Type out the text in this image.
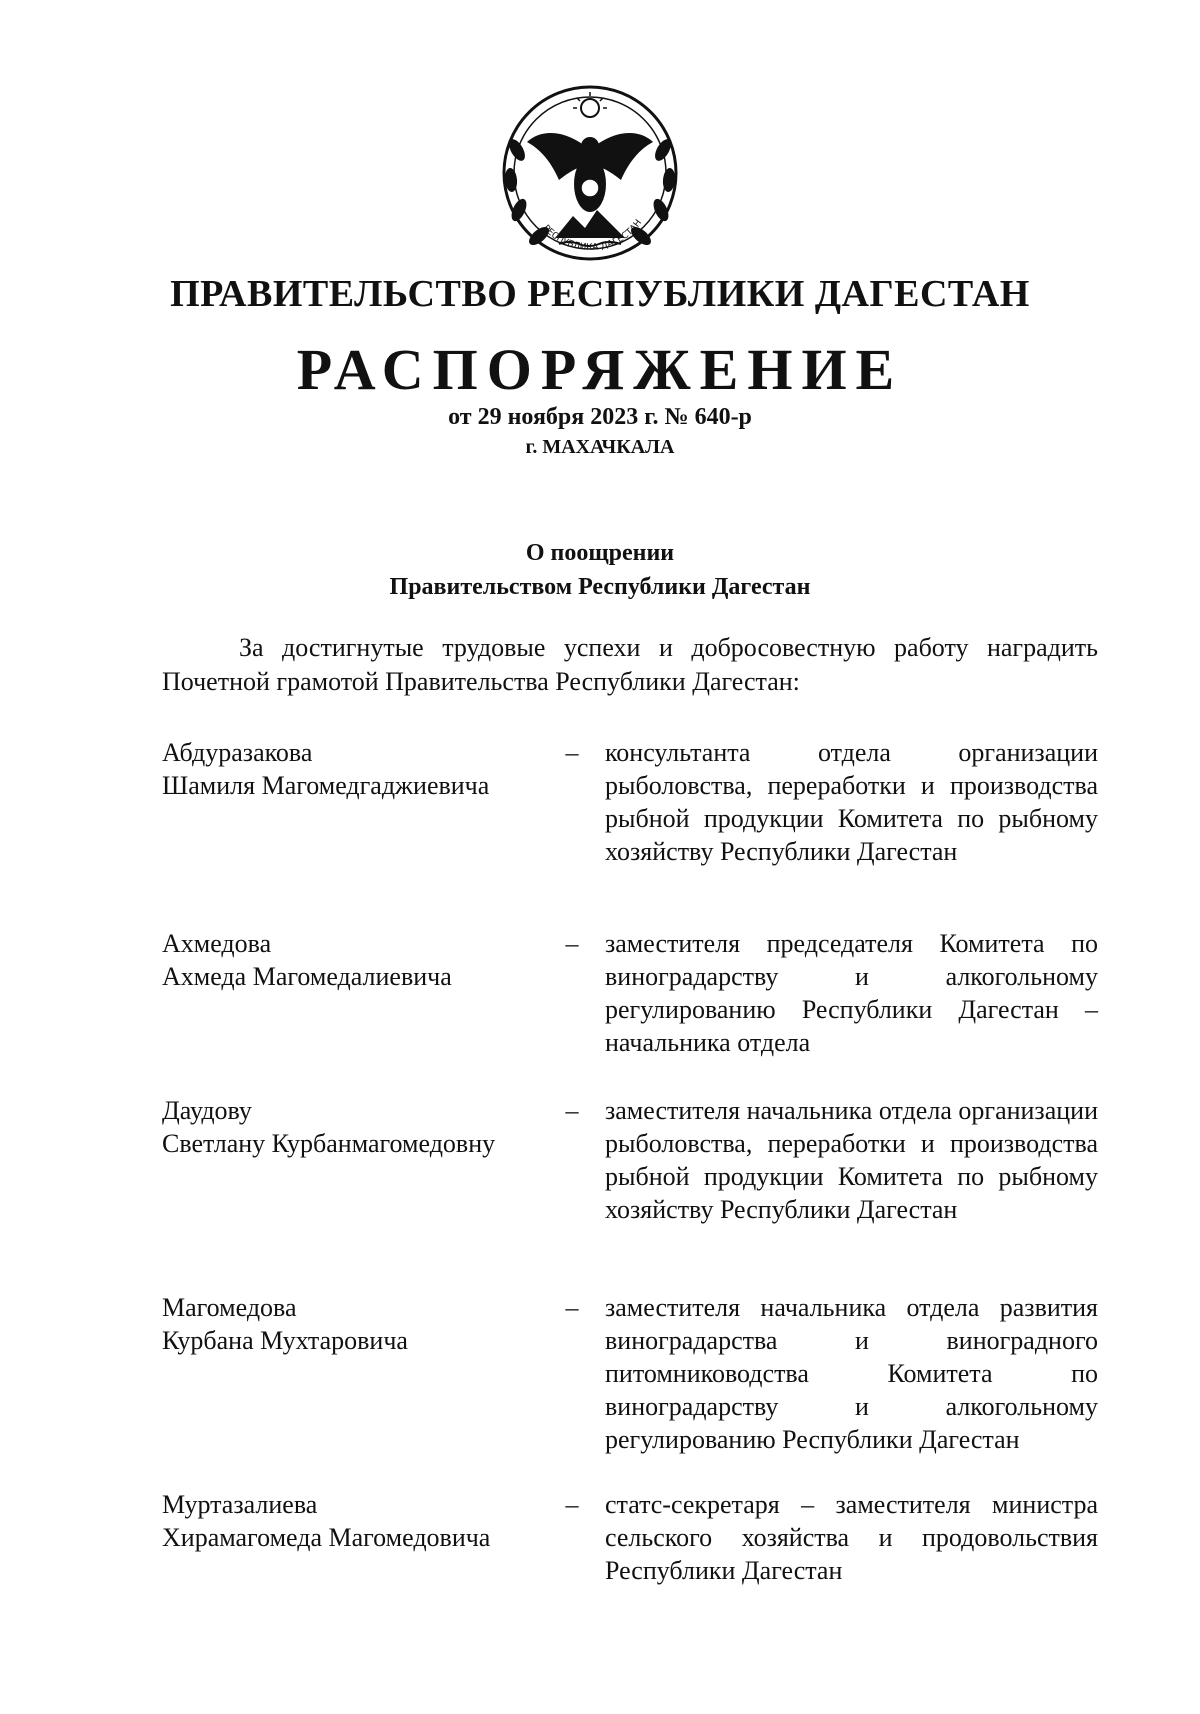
РЕСПУБЛИКА ДАГЕСТАН
ПРАВИТЕЛЬСТВО РЕСПУБЛИКИ ДАГЕСТАН
РАСПОРЯЖЕНИЕ
от 29 ноября 2023 г. № 640-р
г. МАХАЧКАЛА
О поощрении
Правительством Республики Дагестан

За достигнутые трудовые успехи и добросовестную работу наградить Почетной грамотой Правительства Республики Дагестан:

Абдуразакова
Шамиля Магомедгаджиевича
–	консультанта отдела организации рыболовства, переработки и производства рыбной продукции Комитета по рыбному хозяйству Республики Дагестан
Ахмедова
Ахмеда Магомедалиевича
–	заместителя председателя Комитета по виноградарству и алкогольному регулированию Республики Дагестан – начальника отдела
Даудову
Светлану Курбанмагомедовну
–	заместителя начальника отдела организации рыболовства, переработки и производства рыбной продукции Комитета по рыбному хозяйству Республики Дагестан
Магомедова
Курбана Мухтаровича
–	заместителя начальника отдела развития виноградарства и виноградного питомниководства Комитета по виноградарству и алкогольному регулированию Республики Дагестан
Муртазалиева
Хирамагомеда Магомедовича
–	статс-секретаря – заместителя министра сельского хозяйства и продовольствия Республики Дагестан
